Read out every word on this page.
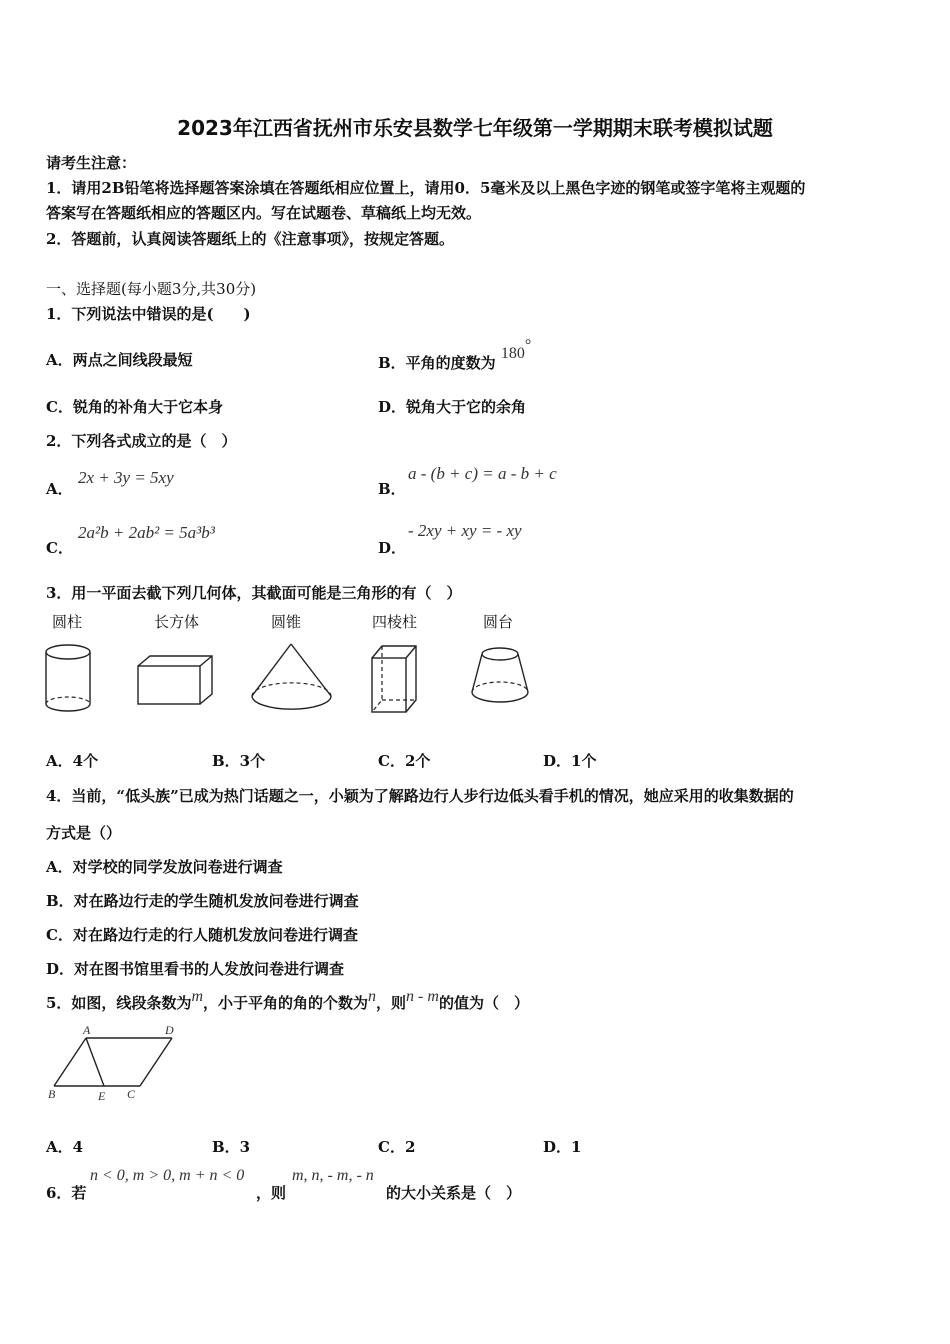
2023年江西省抚州市乐安县数学七年级第一学期期末联考模拟试题
请考生注意：
1．请用2B铅笔将选择题答案涂填在答题纸相应位置上，请用0．5毫米及以上黑色字迹的钢笔或签字笔将主观题的
答案写在答题纸相应的答题区内。写在试题卷、草稿纸上均无效。
2．答题前，认真阅读答题纸上的《注意事项》，按规定答题。
一、选择题(每小题3分,共30分)
1．下列说法中错误的是(　　)
A．两点之间线段最短	B．平角的度数为 180°
C．锐角的补角大于它本身	D．锐角大于它的余角
2．下列各式成立的是（　）
A．
2x + 3y = 5xy
B．
a - (b + c) = a - b + c
C．
2a²b + 2ab² = 5a³b³
D．
- 2xy + xy = - xy
3．用一平面去截下列几何体，其截面可能是三角形的有（　）
圆柱	长方体	圆锥	四棱柱	圆台
A．4个	B．3个	C．2个	D．1个
4．当前，“低头族”已成为热门话题之一，小颖为了解路边行人步行边低头看手机的情况，她应采用的收集数据的
方式是（）
A．对学校的同学发放问卷进行调查
B．对在路边行走的学生随机发放问卷进行调查
C．对在路边行走的行人随机发放问卷进行调查
D．对在图书馆里看书的人发放问卷进行调查
5．如图，线段条数为m，小于平角的角的个数为n，则n - m的值为（　）
A	D
B	E C
A．4	B．3	C．2	D．1
6．若
n < 0, m > 0, m + n < 0
，则
m, n, - m, - n
的大小关系是（　）
